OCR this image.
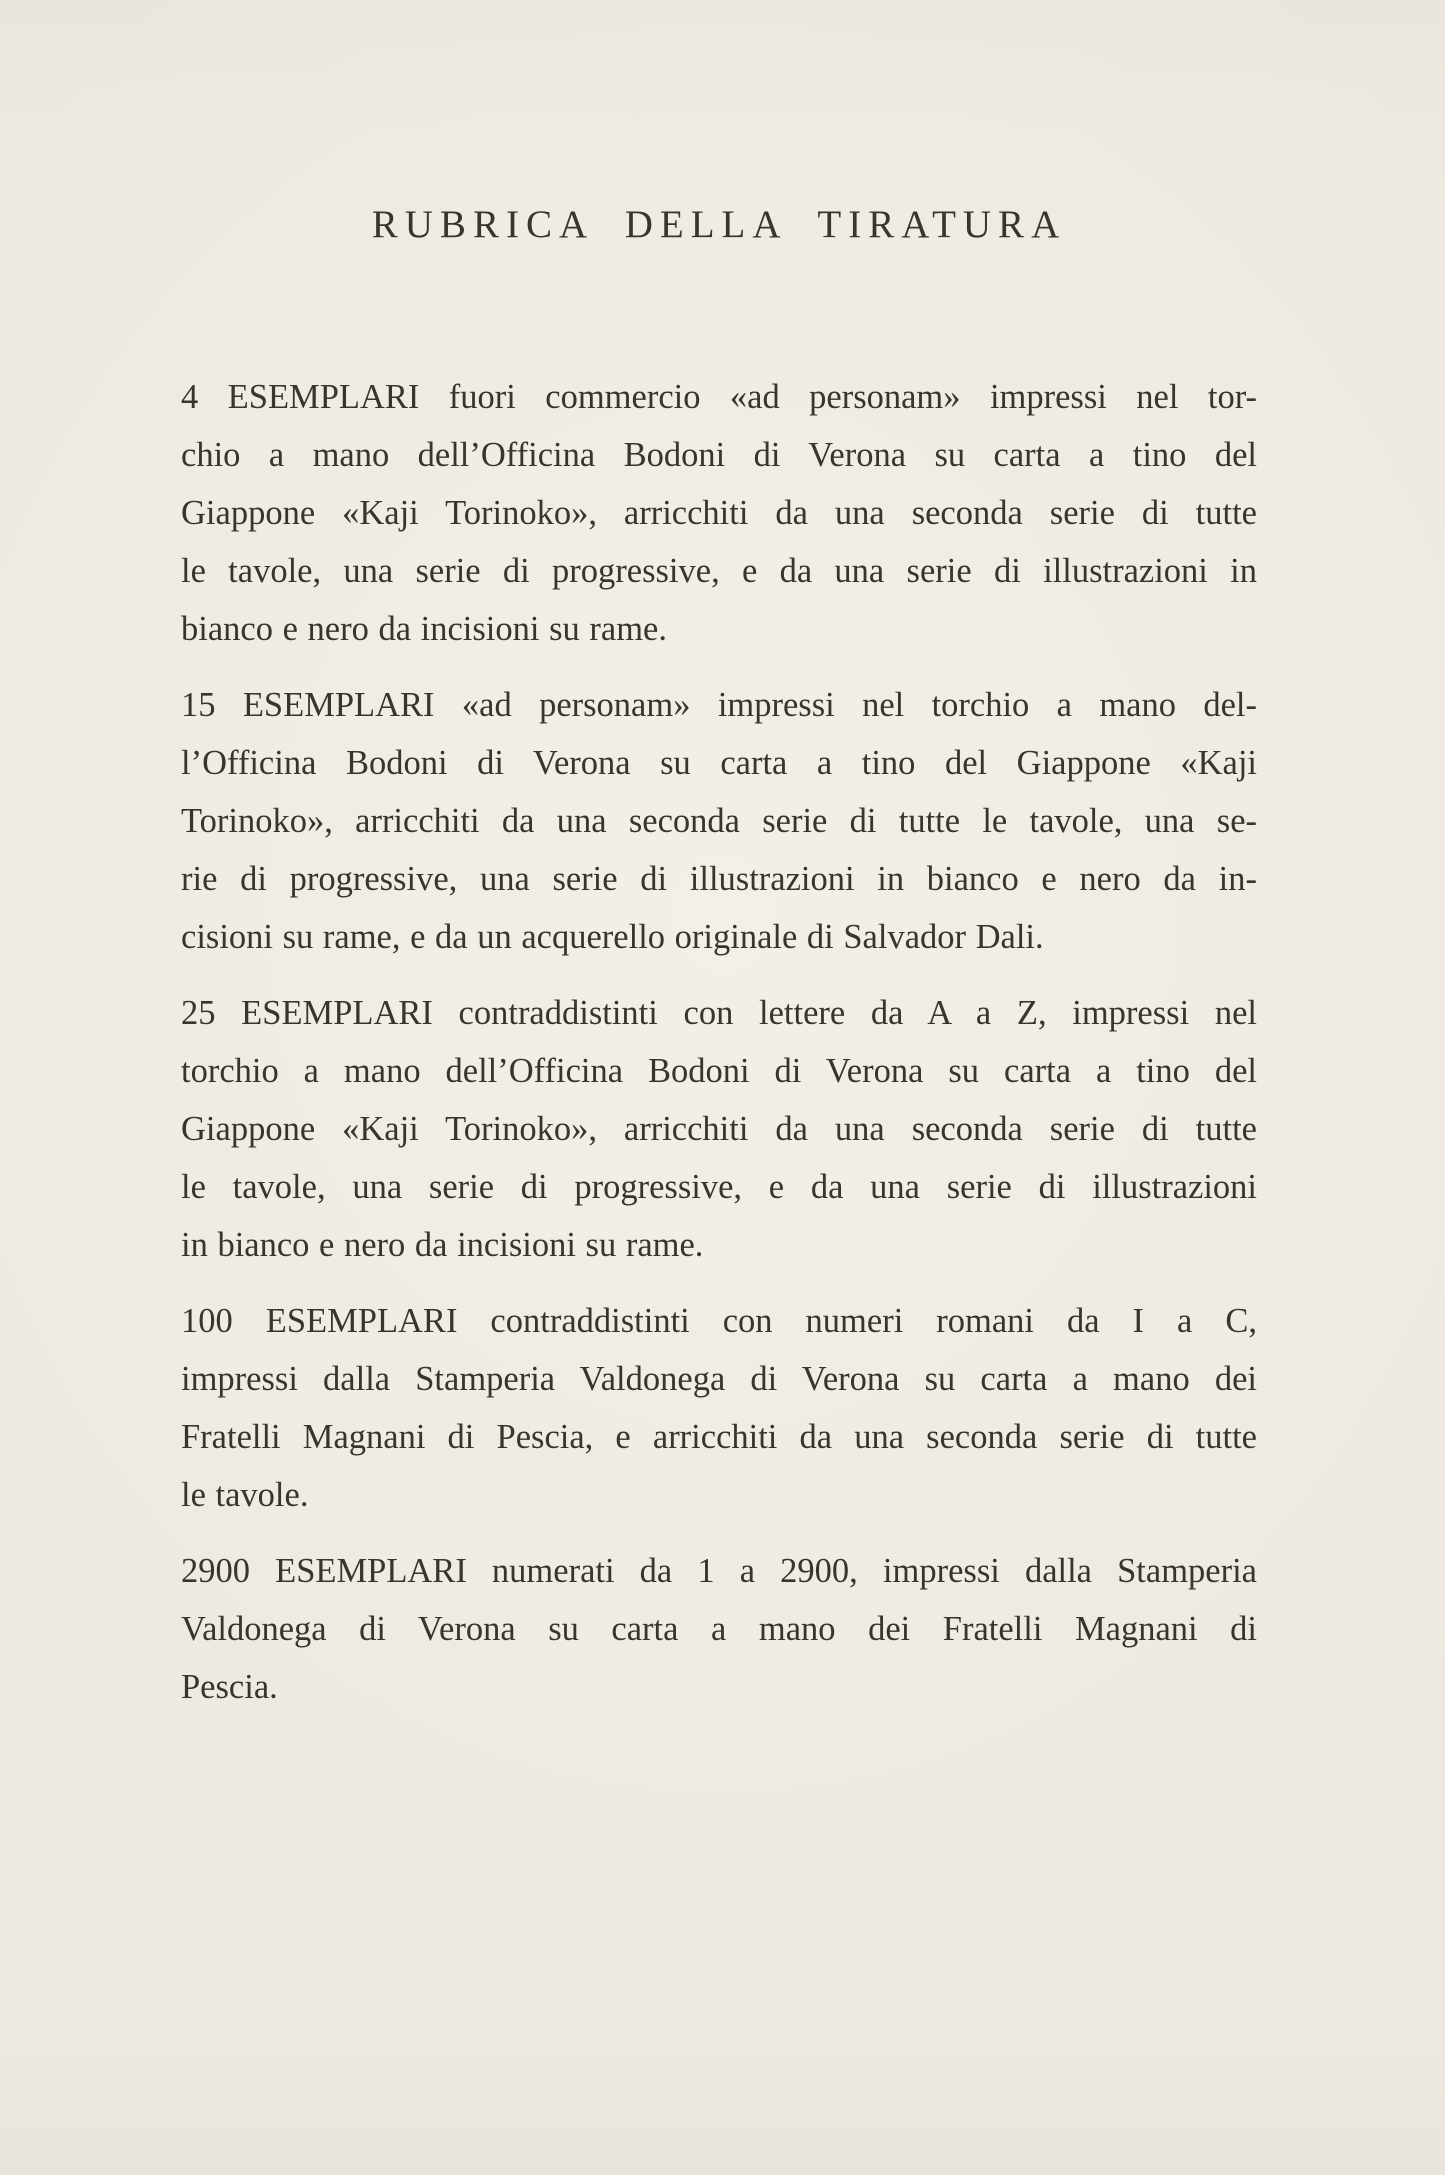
RUBRICA DELLA TIRATURA
4 ESEMPLARI fuori commercio «ad personam» impressi nel tor-
chio a mano dell’Officina Bodoni di Verona su carta a tino del
Giappone «Kaji Torinoko», arricchiti da una seconda serie di tutte
le tavole, una serie di progressive, e da una serie di illustrazioni in
bianco e nero da incisioni su rame.
15 ESEMPLARI «ad personam» impressi nel torchio a mano del-
l’Officina Bodoni di Verona su carta a tino del Giappone «Kaji
Torinoko», arricchiti da una seconda serie di tutte le tavole, una se-
rie di progressive, una serie di illustrazioni in bianco e nero da in-
cisioni su rame, e da un acquerello originale di Salvador Dali.
25 ESEMPLARI contraddistinti con lettere da A a Z, impressi nel
torchio a mano dell’Officina Bodoni di Verona su carta a tino del
Giappone «Kaji Torinoko», arricchiti da una seconda serie di tutte
le tavole, una serie di progressive, e da una serie di illustrazioni
in bianco e nero da incisioni su rame.
100 ESEMPLARI contraddistinti con numeri romani da I a C,
impressi dalla Stamperia Valdonega di Verona su carta a mano dei
Fratelli Magnani di Pescia, e arricchiti da una seconda serie di tutte
le tavole.
2900 ESEMPLARI numerati da 1 a 2900, impressi dalla Stamperia
Valdonega di Verona su carta a mano dei Fratelli Magnani di
Pescia.
